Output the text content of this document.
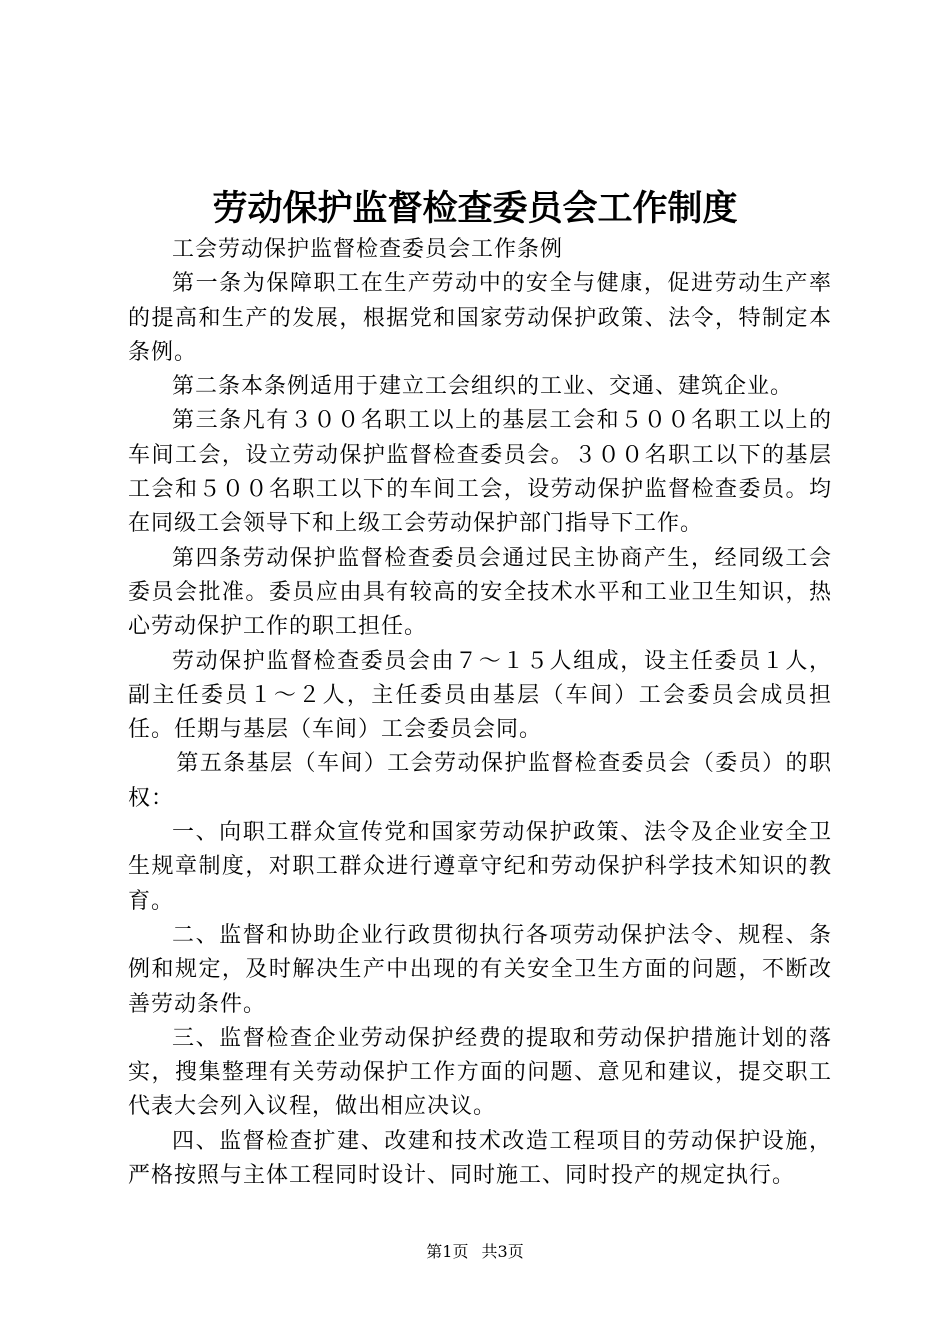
劳动保护监督检查委员会工作制度

工会劳动保护监督检查委员会工作条例

第一条为保障职工在生产劳动中的安全与健康，促进劳动生产率的提高和生产的发展，根据党和国家劳动保护政策、法令，特制定本条例。

第二条本条例适用于建立工会组织的工业、交通、建筑企业。

第三条凡有３００名职工以上的基层工会和５００名职工以上的车间工会，设立劳动保护监督检查委员会。３００名职工以下的基层工会和５００名职工以下的车间工会，设劳动保护监督检查委员。均在同级工会领导下和上级工会劳动保护部门指导下工作。

第四条劳动保护监督检查委员会通过民主协商产生，经同级工会委员会批准。委员应由具有较高的安全技术水平和工业卫生知识，热心劳动保护工作的职工担任。

劳动保护监督检查委员会由７～１５人组成，设主任委员１人，副主任委员１～２人，主任委员由基层（车间）工会委员会成员担任。任期与基层（车间）工会委员会同。

第五条基层（车间）工会劳动保护监督检查委员会（委员）的职权：

一、向职工群众宣传党和国家劳动保护政策、法令及企业安全卫生规章制度，对职工群众进行遵章守纪和劳动保护科学技术知识的教育。

二、监督和协助企业行政贯彻执行各项劳动保护法令、规程、条例和规定，及时解决生产中出现的有关安全卫生方面的问题，不断改善劳动条件。

三、监督检查企业劳动保护经费的提取和劳动保护措施计划的落实，搜集整理有关劳动保护工作方面的问题、意见和建议，提交职工代表大会列入议程，做出相应决议。

四、监督检查扩建、改建和技术改造工程项目的劳动保护设施，严格按照与主体工程同时设计、同时施工、同时投产的规定执行。

第1页 共3页
